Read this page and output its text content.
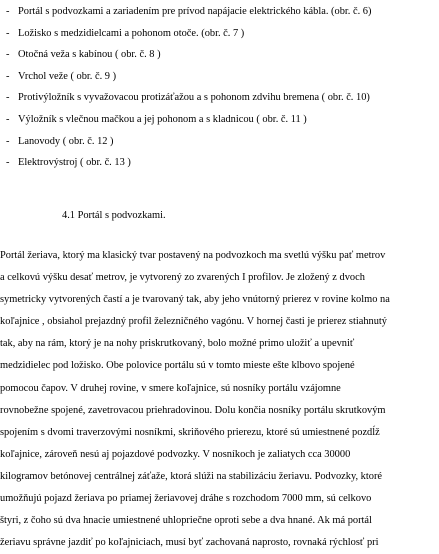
- Portál s podvozkami a zariadením pre prívod napájacie elektrického kábla. (obr. č. 6)
- Ložisko s medzidielcami a pohonom otoče. (obr. č. 7 )
- Otočná veža s kabínou ( obr. č. 8 )
- Vrchol veže ( obr. č. 9 )
- Protivýložník s vyvažovacou protizáťažou a s pohonom zdvihu bremena ( obr. č. 10)
- Výložník s vlečnou mačkou a jej pohonom a s kladnicou ( obr. č. 11 )
- Lanovody ( obr. č. 12 )
- Elektrovýstroj ( obr. č. 13 )
4.1 Portál s podvozkami.
Portál žeriava, ktorý ma klasický tvar postavený na podvozkoch ma svetlú výšku pať metrov
a celkovú výšku desať metrov, je vytvorený zo zvarených I profilov. Je zložený z dvoch
symetricky vytvorených častí a je tvarovaný tak, aby jeho vnútorný prierez v rovine kolmo na
koľajnice , obsiahol prejazdný profil železničného vagónu. V hornej časti je prierez stiahnutý
tak, aby na rám, ktorý je na nohy priskrutkovaný, bolo možné primo uložiť a upevniť
medzidielec pod ložisko. Obe polovice portálu sú v tomto mieste ešte klbovo spojené
pomocou čapov. V druhej rovine, v smere koľajnice, sú nosníky portálu vzájomne
rovnobežne spojené, zavetrovacou priehradovinou. Dolu končia nosníky portálu skrutkovým
spojením s dvomi traverzovými nosníkmi, skriňového prierezu, ktoré sú umiestnené pozdĺž
koľajnice, zároveň nesú aj pojazdové podvozky. V nosníkoch je zaliatych cca 30000
kilogramov betónovej centrálnej záťaže, ktorá slúži na stabilizáciu žeriavu. Podvozky, ktoré
umožňujú pojazd žeriava po priamej žeriavovej dráhe s rozchodom 7000 mm, sú celkovo
štyri, z čoho sú dva hnacie umiestnené uhlopriečne oproti sebe a dva hnané. Ak má portál
žeriavu správne jazdiť po koľajniciach, musí byť zachovaná naprosto, rovnaká rýchlosť pri
